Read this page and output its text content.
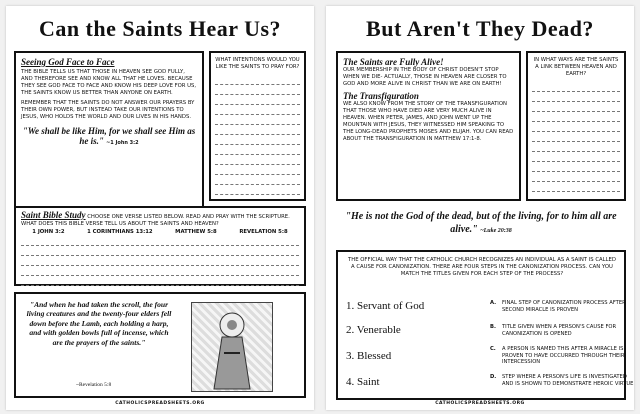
Can the Saints Hear Us?
Seeing God Face to Face
THE BIBLE TELLS US THAT THOSE IN HEAVEN SEE GOD FULLY, AND THEREFORE SEE AND KNOW ALL THAT HE LOVES. BECAUSE THEY SEE GOD FACE TO FACE AND KNOW HIS DEEP LOVE FOR US, THE SAINTS KNOW US BETTER THAN ANYONE ON EARTH.
REMEMBER THAT THE SAINTS DO NOT ANSWER OUR PRAYERS BY THEIR OWN POWER, BUT INSTEAD TAKE OUR INTENTIONS TO JESUS, WHO HOLDS THE WORLD AND OUR LIVES IN HIS HANDS.
"We shall be like Him, for we shall see Him as he is." ~1 John 3:2
WHAT INTENTIONS WOULD YOU LIKE THE SAINTS TO PRAY FOR?
Saint Bible Study CHOOSE ONE VERSE LISTED BELOW. READ AND PRAY WITH THE SCRIPTURE. WHAT DOES THIS BIBLE VERSE TELL US ABOUT THE SAINTS AND HEAVEN?
1 JOHN 3:2	1 CORINTHIANS 13:12	MATTHEW 5:8	REVELATION 5:8
"And when he had taken the scroll, the four living creatures and the twenty-four elders fell down before the Lamb, each holding a harp, and with golden bowls full of incense, which are the prayers of the saints."
~Revelation 5:8
CATHOLICSPREADSHEETS.ORG
But Aren't They Dead?
The Saints are Fully Alive!
OUR MEMBERSHIP IN THE BODY OF CHRIST DOESN'T STOP WHEN WE DIE- ACTUALLY, THOSE IN HEAVEN ARE CLOSER TO GOD AND MORE ALIVE IN CHRIST THAN WE ARE ON EARTH!
The Transfiguration
WE ALSO KNOW FROM THE STORY OF THE TRANSFIGURATION THAT THOSE WHO HAVE DIED ARE VERY MUCH ALIVE IN HEAVEN. WHEN PETER, JAMES, AND JOHN WENT UP THE MOUNTAIN WITH JESUS, THEY WITNESSED HIM SPEAKING TO THE LONG-DEAD PROPHETS MOSES AND ELIJAH. YOU CAN READ ABOUT THE TRANSFIGURATION IN MATTHEW 17:1-8.
IN WHAT WAYS ARE THE SAINTS A LINK BETWEEN HEAVEN AND EARTH?
"He is not the God of the dead, but of the living, for to him all are alive." ~Luke 20:38
THE OFFICIAL WAY THAT THE CATHOLIC CHURCH RECOGNIZES AN INDIVIDUAL AS A SAINT IS CALLED A CAUSE FOR CANONIZATION. THERE ARE FOUR STEPS IN THE CANONIZATION PROCESS. CAN YOU MATCH THE TITLES GIVEN FOR EACH STEP OF THE PROCESS?
1. Servant of God
2. Venerable
3. Blessed
4. Saint
A.	FINAL STEP OF CANONIZATION PROCESS AFTER SECOND MIRACLE IS PROVEN
B.	TITLE GIVEN WHEN A PERSON'S CAUSE FOR CANONIZATION IS OPENED
C.	A PERSON IS NAMED THIS AFTER A MIRACLE IS PROVEN TO HAVE OCCURRED THROUGH THEIR INTERCESSION
D.	STEP WHERE A PERSON'S LIFE IS INVESTIGATED AND IS SHOWN TO DEMONSTRATE HEROIC VIRTUE
CATHOLICSPREADSHEETS.ORG
